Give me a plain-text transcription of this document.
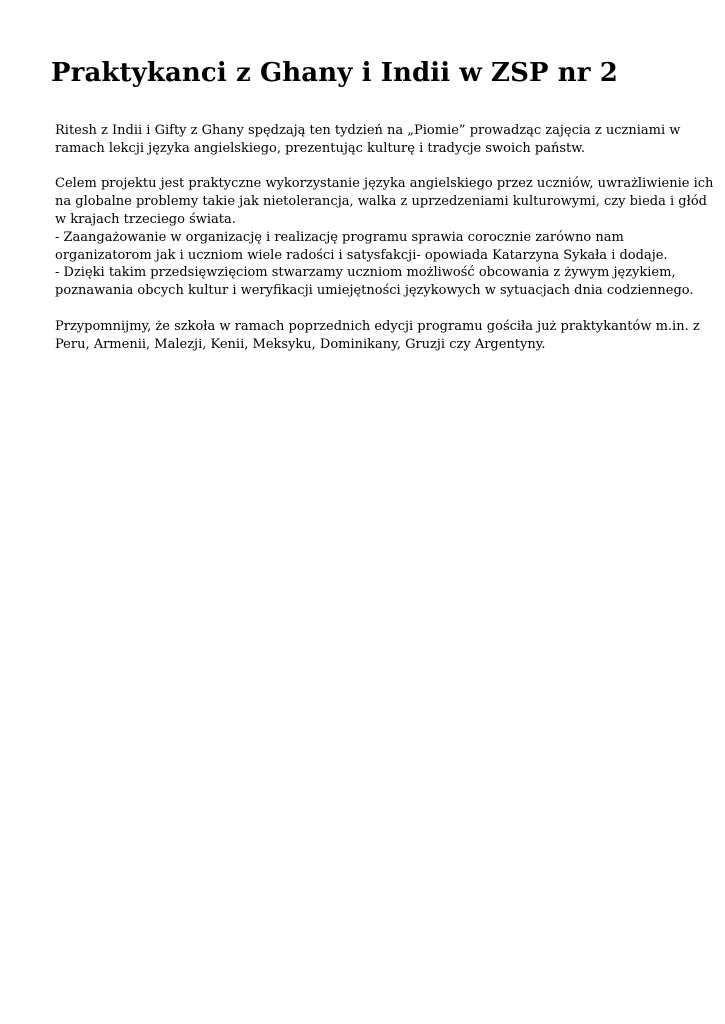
Praktykanci z Ghany i Indii w ZSP nr 2

Ritesh z Indii i Gifty z Ghany spędzają ten tydzień na „Piomie” prowadząc zajęcia z uczniami w
ramach lekcji języka angielskiego, prezentując kulturę i tradycje swoich państw.

Celem projektu jest praktyczne wykorzystanie języka angielskiego przez uczniów, uwrażliwienie ich
na globalne problemy takie jak nietolerancja, walka z uprzedzeniami kulturowymi, czy bieda i głód
w krajach trzeciego świata.
- Zaangażowanie w organizację i realizację programu sprawia corocznie zarówno nam
organizatorom jak i uczniom wiele radości i satysfakcji- opowiada Katarzyna Sykała i dodaje.
- Dzięki takim przedsięwzięciom stwarzamy uczniom możliwość obcowania z żywym językiem,
poznawania obcych kultur i weryfikacji umiejętności językowych w sytuacjach dnia codziennego.

Przypomnijmy, że szkoła w ramach poprzednich edycji programu gościła już praktykantów m.in. z
Peru, Armenii, Malezji, Kenii, Meksyku, Dominikany, Gruzji czy Argentyny.
